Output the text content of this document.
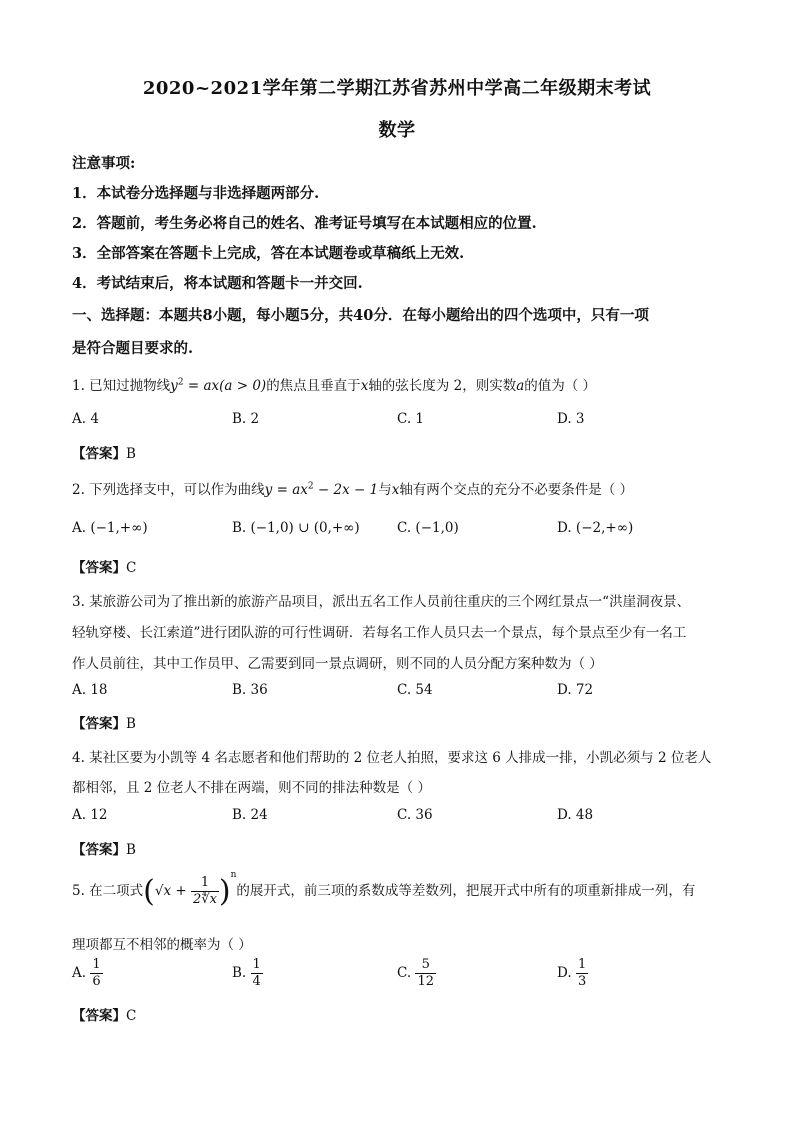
2020~2021学年第二学期江苏省苏州中学高二年级期末考试
数学
注意事项:
1．本试卷分选择题与非选择题两部分.
2．答题前，考生务必将自己的姓名、准考证号填写在本试题相应的位置.
3．全部答案在答题卡上完成，答在本试题卷或草稿纸上无效.
4．考试结束后，将本试题和答题卡一并交回.
一、选择题：本题共8小题，每小题5分，共40分．在每小题给出的四个选项中，只有一项
是符合题目要求的.
1. 已知过抛物线$y^2 = ax(a > 0)$的焦点且垂直于x轴的弦长度为 2，则实数a的值为（ ）
A. 4	B. 2	C. 1	D. 3
【答案】B
2. 下列选择支中，可以作为曲线$y = ax^2 - 2x - 1$与x轴有两个交点的充分不必要条件是（ ）
A. (−1,+∞)	B. (−1,0) ∪ (0,+∞)	C. (−1,0)	D. (−2,+∞)
【答案】C
3. 某旅游公司为了推出新的旅游产品项目，派出五名工作人员前往重庆的三个网红景点一“洪崖洞夜景、
轻轨穿楼、长江索道”进行团队游的可行性调研．若每名工作人员只去一个景点，每个景点至少有一名工
作人员前往，其中工作员甲、乙需要到同一景点调研，则不同的人员分配方案种数为（ ）
A. 18	B. 36	C. 54	D. 72
【答案】B
4. 某社区要为小凯等 4 名志愿者和他们帮助的 2 位老人拍照，要求这 6 人排成一排，小凯必须与 2 位老人
都相邻，且 2 位老人不排在两端，则不同的排法种数是（ ）
A. 12	B. 24	C. 36	D. 48
【答案】B
5. 在二项式$(√x + \frac{1}{2∜x} )^n$的展开式，前三项的系数成等差数列，把展开式中所有的项重新排成一列，有
理项都互不相邻的概率为（ ）
A. $\frac{1}{6}$	B. $\frac{1}{4}$	C. $\frac{5}{12}$	D. $\frac{1}{3}$
【答案】C
